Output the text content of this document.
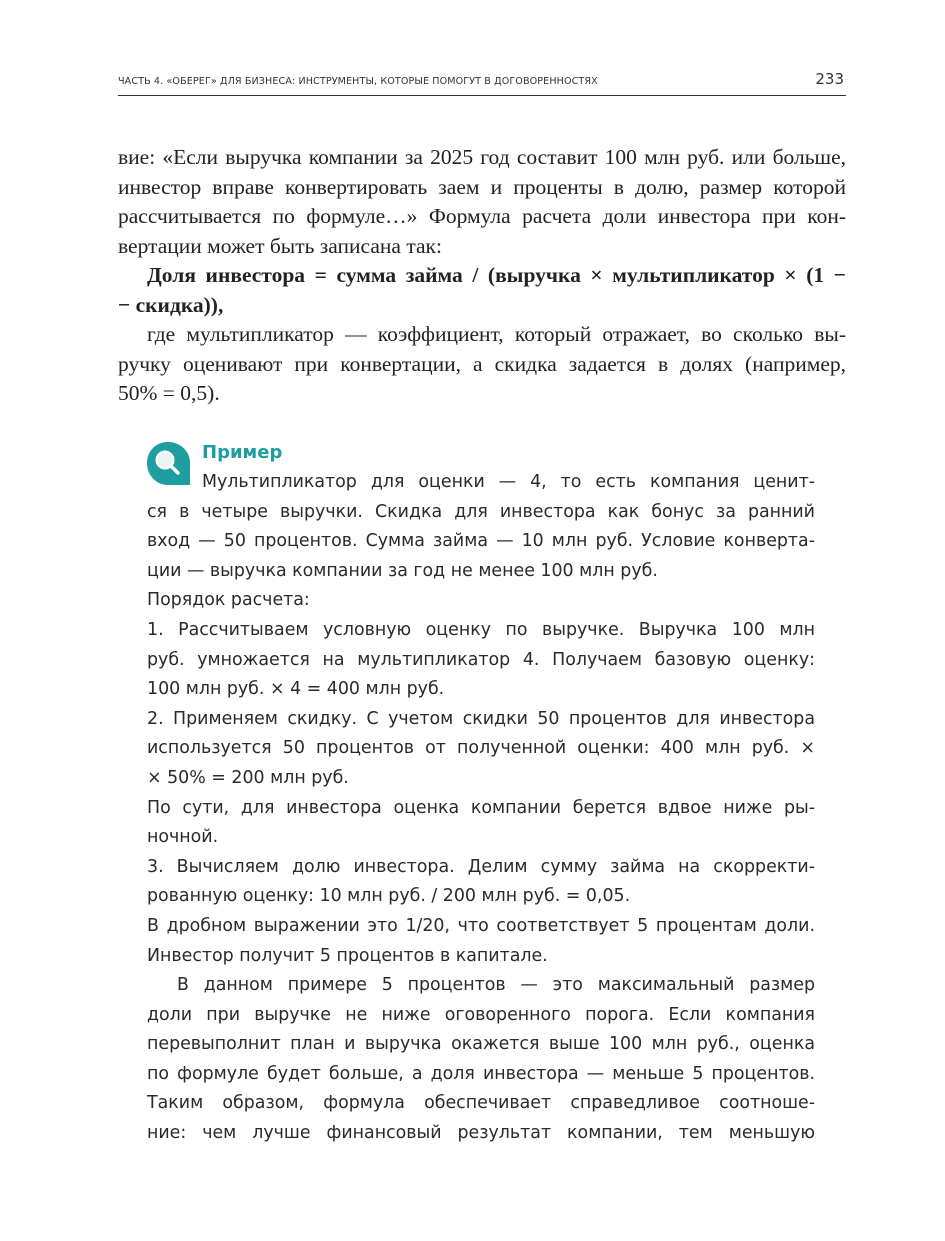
ЧАСТЬ 4. «ОБЕРЕГ» ДЛЯ БИЗНЕСА: ИНСТРУМЕНТЫ, КОТОРЫЕ ПОМОГУТ В ДОГОВОРЕННОСТЯХ	233
вие: «Если выручка компании за 2025 год составит 100 млн руб. или больше,
инвестор вправе конвертировать заем и проценты в долю, размер которой
рассчитывается по формуле…» Формула расчета доли инвестора при кон-
вертации может быть записана так:
Доля инвестора = сумма займа / (выручка × мультипликатор × (1 −
− скидка)),
где мультипликатор — коэффициент, который отражает, во сколько вы-
ручку оценивают при конвертации, а скидка задается в долях (например,
50% = 0,5).
Пример
Мультипликатор для оценки — 4, то есть компания ценит-
ся в четыре выручки. Скидка для инвестора как бонус за ранний
вход — 50 процентов. Сумма займа — 10 млн руб. Условие конверта-
ции — выручка компании за год не менее 100 млн руб.
Порядок расчета:
1. Рассчитываем условную оценку по выручке. Выручка 100 млн
руб. умножается на мультипликатор 4. Получаем базовую оценку:
100 млн руб. × 4 = 400 млн руб.
2. Применяем скидку. С учетом скидки 50 процентов для инвестора
используется 50 процентов от полученной оценки: 400 млн руб. ×
× 50% = 200 млн руб.
По сути, для инвестора оценка компании берется вдвое ниже ры-
ночной.
3. Вычисляем долю инвестора. Делим сумму займа на скорректи-
рованную оценку: 10 млн руб. / 200 млн руб. = 0,05.
В дробном выражении это 1/20, что соответствует 5 процентам доли.
Инвестор получит 5 процентов в капитале.
В данном примере 5 процентов — это максимальный размер
доли при выручке не ниже оговоренного порога. Если компания
перевыполнит план и выручка окажется выше 100 млн руб., оценка
по формуле будет больше, а доля инвестора — меньше 5 процентов.
Таким образом, формула обеспечивает справедливое соотноше-
ние: чем лучше финансовый результат компании, тем меньшую
